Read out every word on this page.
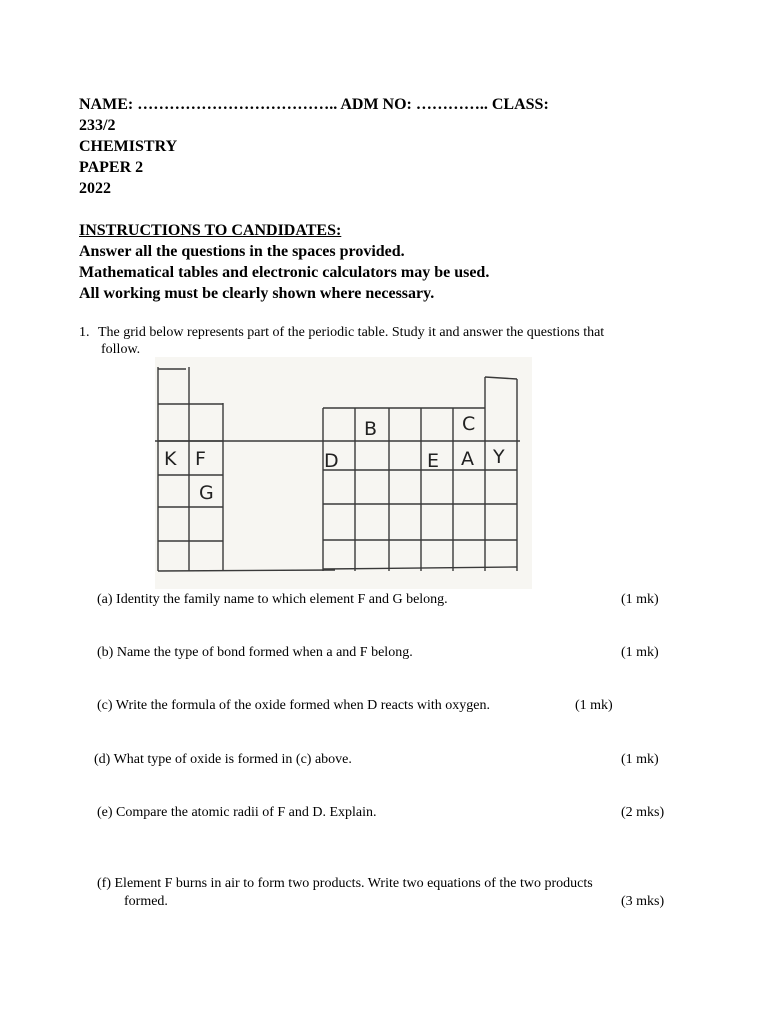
NAME: ……………………………….. ADM NO: ………….. CLASS:
233/2
CHEMISTRY
PAPER 2
2022
INSTRUCTIONS TO CANDIDATES:
Answer all the questions in the spaces provided.
Mathematical tables and electronic calculators may be used.
All working must be clearly shown where necessary.
1. The grid below represents part of the periodic table. Study it and answer the questions that
follow.
K F
G
B	C
D	E A Y
(a) Identity the family name to which element F and G belong.	(1 mk)
(b) Name the type of bond formed when a and F belong.	(1 mk)
(c) Write the formula of the oxide formed when D reacts with oxygen.	(1 mk)
(d) What type of oxide is formed in (c) above.	(1 mk)
(e) Compare the atomic radii of F and D. Explain.	(2 mks)
(f) Element F burns in air to form two products. Write two equations of the two products
formed.	(3 mks)
